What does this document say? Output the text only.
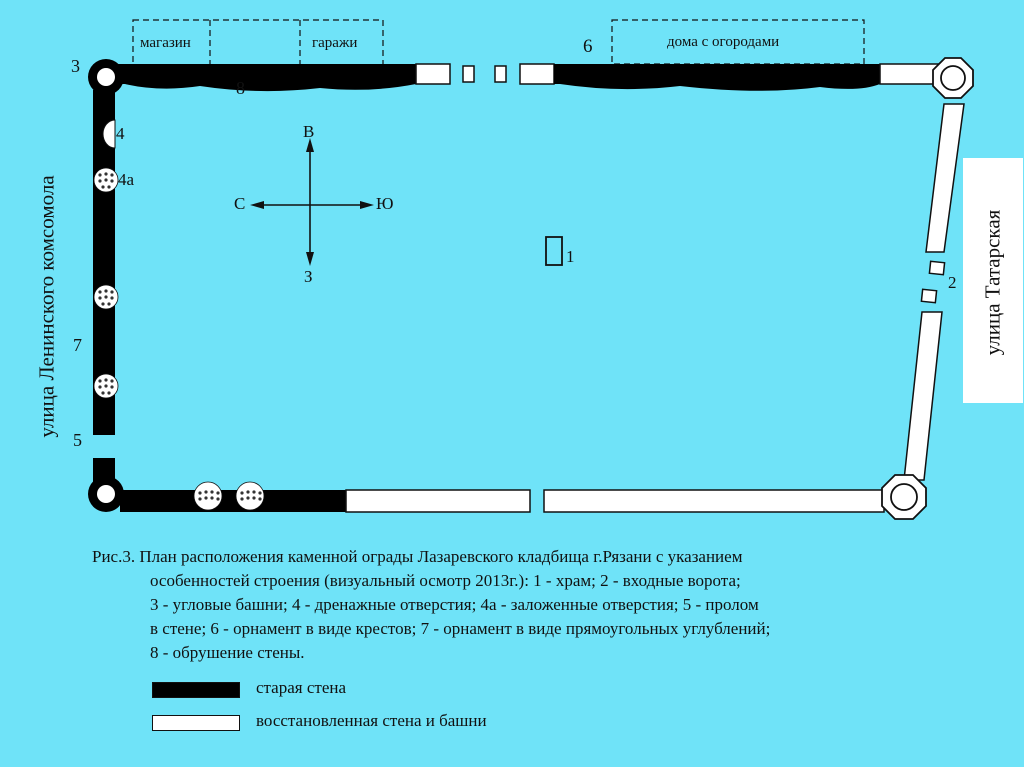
магазин	гаражи	дома с огородами
6
3
8
4
4а
7
5
1
2
В
З
С	Ю
улица Ленинского комсомола	улица Татарская
Рис.3. План расположения каменной ограды Лазаревского кладбища г.Рязани с указанием
особенностей строения (визуальный осмотр 2013г.): 1 - храм; 2 - входные ворота;
3 - угловые башни; 4 - дренажные отверстия; 4а - заложенные отверстия; 5 - пролом
в стене; 6 - орнамент в виде крестов; 7 - орнамент в виде прямоугольных углублений;
8 - обрушение стены.
старая стена
восстановленная стена и башни
